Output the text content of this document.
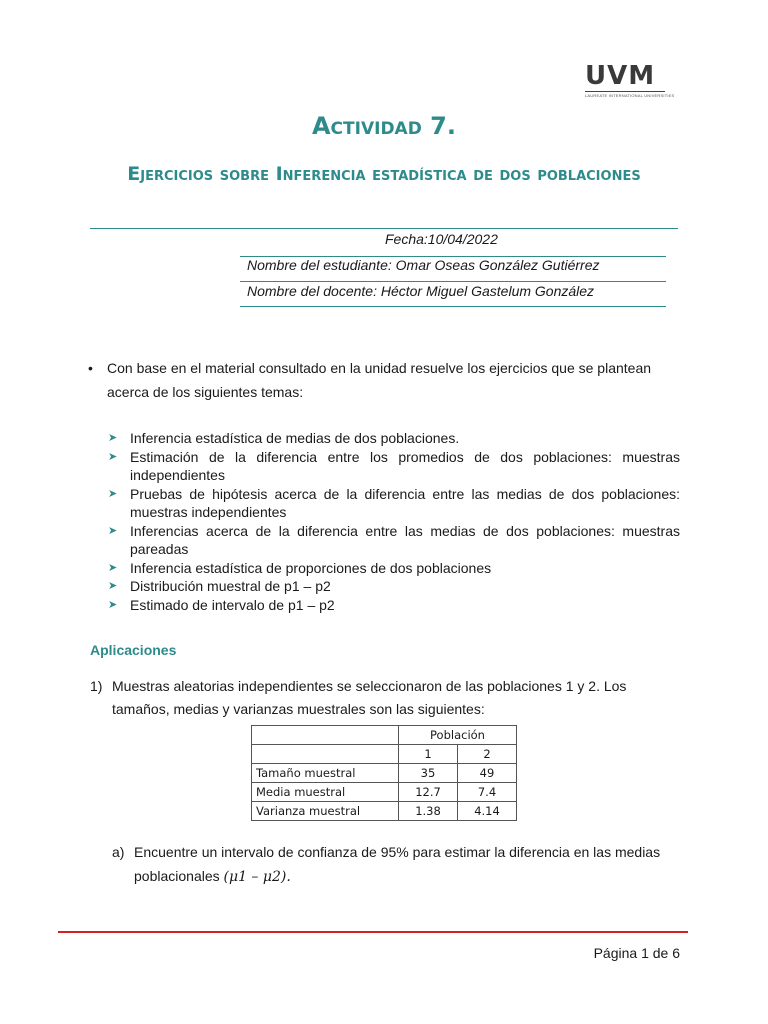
UVM
LAUREATE INTERNATIONAL UNIVERSITIES
Actividad 7.
Ejercicios sobre Inferencia estadística de dos poblaciones
Fecha:10/04/2022
Nombre del estudiante: Omar Oseas González Gutiérrez
Nombre del docente: Héctor Miguel Gastelum González
• Con base en el material consultado en la unidad resuelve los ejercicios que se plantean acerca de los siguientes temas:
➤ Inferencia estadística de medias de dos poblaciones.
➤ Estimación de la diferencia entre los promedios de dos poblaciones: muestras independientes
➤ Pruebas de hipótesis acerca de la diferencia entre las medias de dos poblaciones: muestras independientes
➤ Inferencias acerca de la diferencia entre las medias de dos poblaciones: muestras pareadas
➤ Inferencia estadística de proporciones de dos poblaciones
➤ Distribución muestral de p1 – p2
➤ Estimado de intervalo de p1 – p2
Aplicaciones
1) Muestras aleatorias independientes se seleccionaron de las poblaciones 1 y 2. Los tamaños, medias y varianzas muestrales son las siguientes:
	Población	
	1	2
Tamaño muestral	35	49
Media muestral	12.7	7.4
Varianza muestral	1.38	4.14
a) Encuentre un intervalo de confianza de 95% para estimar la diferencia en las medias poblacionales (μ1 – μ2).
Página 1 de 6
